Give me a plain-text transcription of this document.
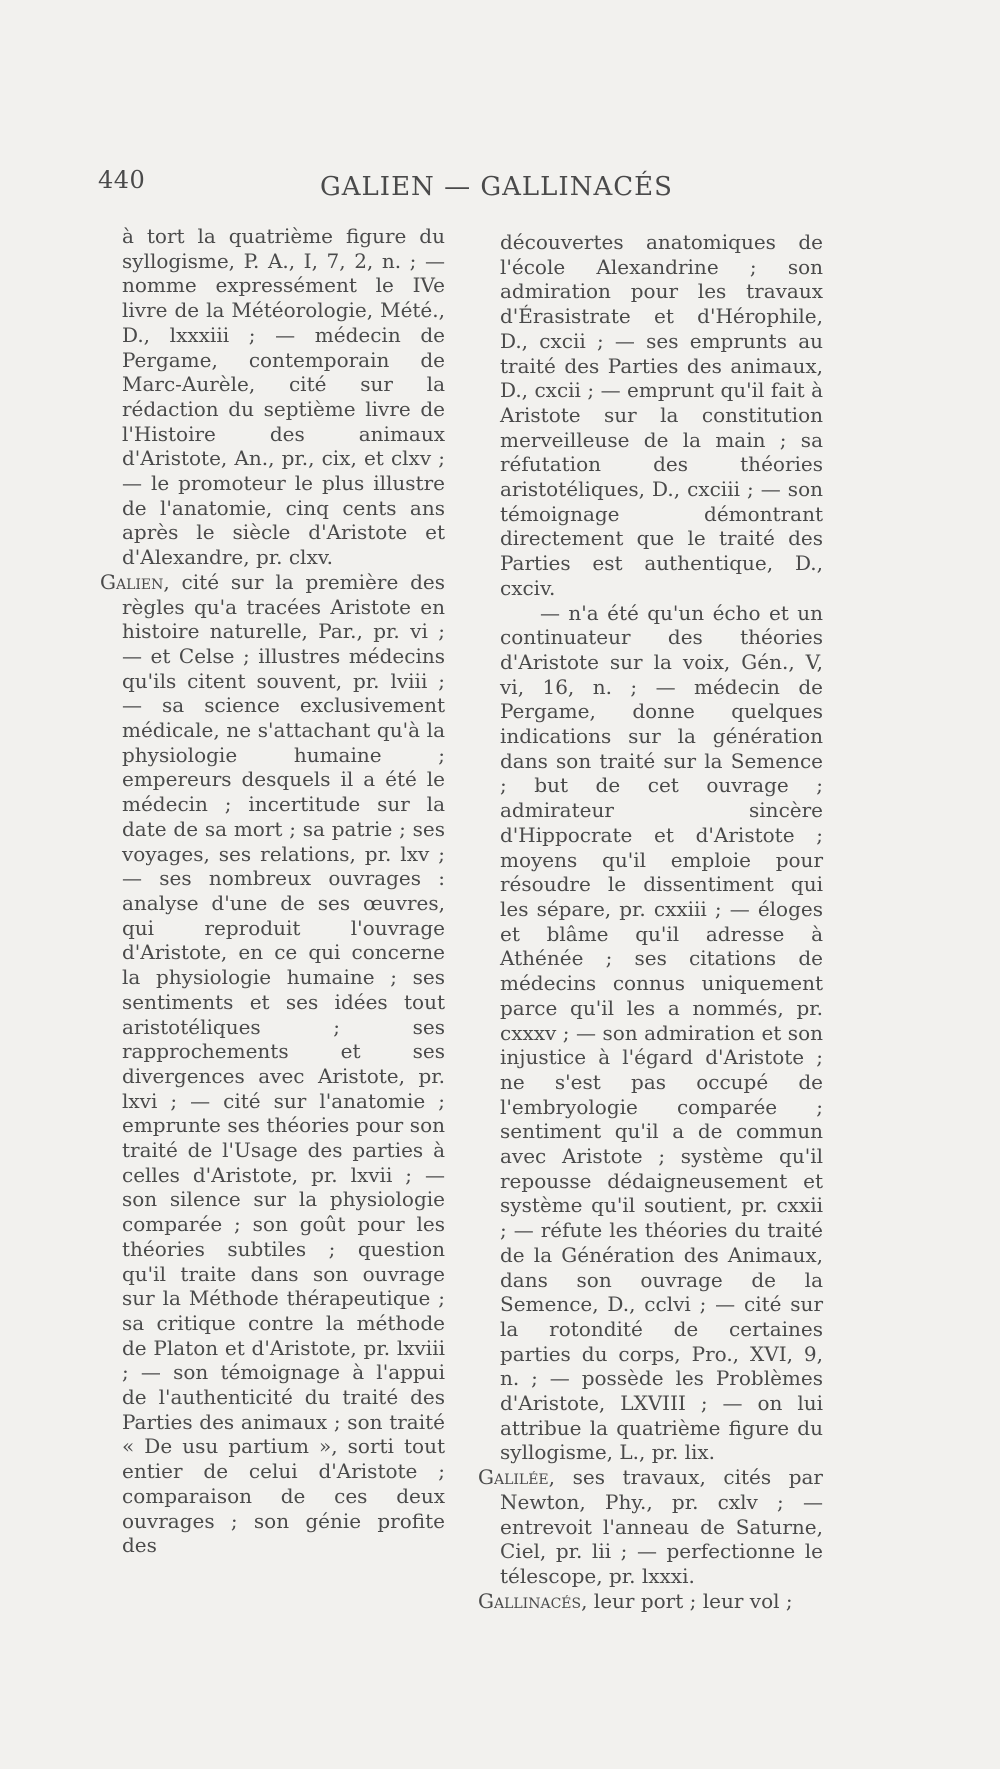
440	GALIEN — GALLINACÉS

à tort la quatrième figure du syllogisme, P. A., I, 7, 2, n. ; — nomme expressément le IVe livre de la Météorologie, Mété., D., lxxxiii ; — médecin de Pergame, contemporain de Marc-Aurèle, cité sur la rédaction du septième livre de l'Histoire des animaux d'Aristote, An., pr., cix, et clxv ; — le promoteur le plus illustre de l'anatomie, cinq cents ans après le siècle d'Aristote et d'Alexandre, pr. clxv.

Galien, cité sur la première des règles qu'a tracées Aristote en histoire naturelle, Par., pr. vi ; — et Celse ; illustres médecins qu'ils citent souvent, pr. lviii ; — sa science exclusivement médicale, ne s'attachant qu'à la physiologie humaine ; empereurs desquels il a été le médecin ; incertitude sur la date de sa mort ; sa patrie ; ses voyages, ses relations, pr. lxv ; — ses nombreux ouvrages : analyse d'une de ses œuvres, qui reproduit l'ouvrage d'Aristote, en ce qui concerne la physiologie humaine ; ses sentiments et ses idées tout aristotéliques ; ses rapprochements et ses divergences avec Aristote, pr. lxvi ; — cité sur l'anatomie ; emprunte ses théories pour son traité de l'Usage des parties à celles d'Aristote, pr. lxvii ; — son silence sur la physiologie comparée ; son goût pour les théories subtiles ; question qu'il traite dans son ouvrage sur la Méthode thérapeutique ; sa critique contre la méthode de Platon et d'Aristote, pr. lxviii ; — son témoignage à l'appui de l'authenticité du traité des Parties des animaux ; son traité « De usu partium », sorti tout entier de celui d'Aristote ; comparaison de ces deux ouvrages ; son génie profite des

découvertes anatomiques de l'école Alexandrine ; son admiration pour les travaux d'Érasistrate et d'Hérophile, D., cxcii ; — ses emprunts au traité des Parties des animaux, D., cxcii ; — emprunt qu'il fait à Aristote sur la constitution merveilleuse de la main ; sa réfutation des théories aristotéliques, D., cxciii ; — son témoignage démontrant directement que le traité des Parties est authentique, D., cxciv.

— n'a été qu'un écho et un continuateur des théories d'Aristote sur la voix, Gén., V, vi, 16, n. ; — médecin de Pergame, donne quelques indications sur la génération dans son traité sur la Semence ; but de cet ouvrage ; admirateur sincère d'Hippocrate et d'Aristote ; moyens qu'il emploie pour résoudre le dissentiment qui les sépare, pr. cxxiii ; — éloges et blâme qu'il adresse à Athénée ; ses citations de médecins connus uniquement parce qu'il les a nommés, pr. cxxxv ; — son admiration et son injustice à l'égard d'Aristote ; ne s'est pas occupé de l'embryologie comparée ; sentiment qu'il a de commun avec Aristote ; système qu'il repousse dédaigneusement et système qu'il soutient, pr. cxxii ; — réfute les théories du traité de la Génération des Animaux, dans son ouvrage de la Semence, D., cclvi ; — cité sur la rotondité de certaines parties du corps, Pro., XVI, 9, n. ; — possède les Problèmes d'Aristote, LXVIII ; — on lui attribue la quatrième figure du syllogisme, L., pr. lix.

Galilée, ses travaux, cités par Newton, Phy., pr. cxlv ; — entrevoit l'anneau de Saturne, Ciel, pr. lii ; — perfectionne le télescope, pr. lxxxi.

Gallinacés, leur port ; leur vol ;
